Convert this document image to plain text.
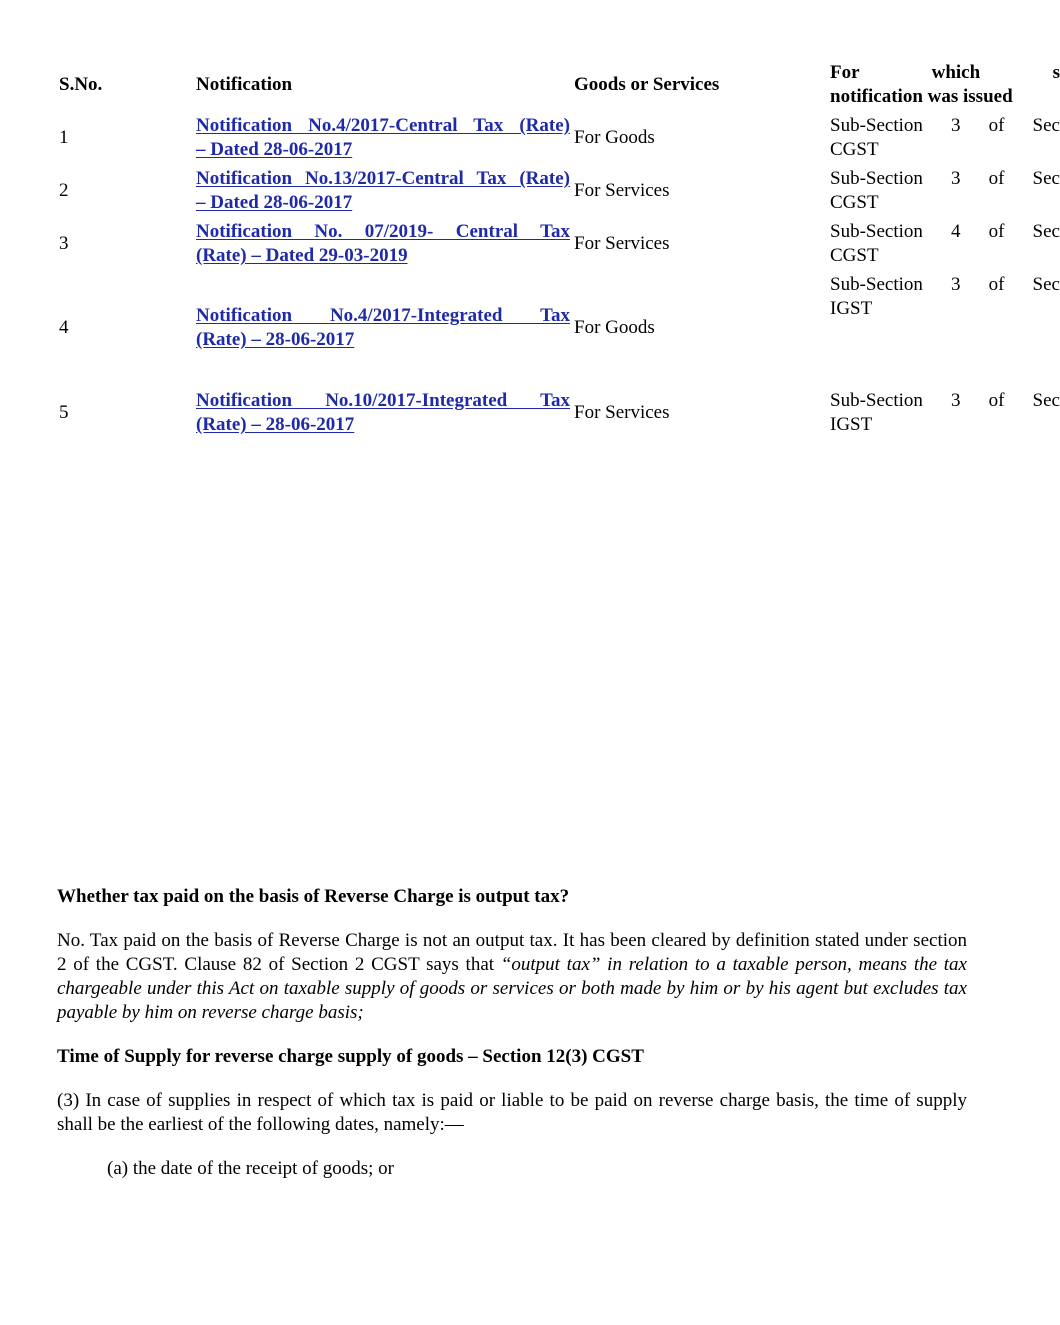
S.No.	Notification	Goods or Services
For which s
notification was issued
1
Notification No.4/2017-Central Tax (Rate)
– Dated 28-06-2017
For Goods
Sub-Section 3 of Sec
CGST
2
Notification No.13/2017-Central Tax (Rate)
– Dated 28-06-2017
For Services
Sub-Section 3 of Sec
CGST
3
Notification No. 07/2019- Central Tax
(Rate) – Dated 29-03-2019
For Services
Sub-Section 4 of Sec
CGST
4
Notification No.4/2017-Integrated Tax
(Rate) – 28-06-2017
For Goods
Sub-Section 3 of Sec
IGST
5
Notification No.10/2017-Integrated Tax
(Rate) – 28-06-2017
For Services
Sub-Section 3 of Sec
IGST
Whether tax paid on the basis of Reverse Charge is output tax?
No. Tax paid on the basis of Reverse Charge is not an output tax. It has been cleared by definition stated under section 2 of the CGST. Clause 82 of Section 2 CGST says that “output tax” in relation to a taxable person, means the tax chargeable under this Act on taxable supply of goods or services or both made by him or by his agent but excludes tax payable by him on reverse charge basis;
Time of Supply for reverse charge supply of goods – Section 12(3) CGST
(3) In case of supplies in respect of which tax is paid or liable to be paid on reverse charge basis, the time of supply shall be the earliest of the following dates, namely:—
(a) the date of the receipt of goods; or
